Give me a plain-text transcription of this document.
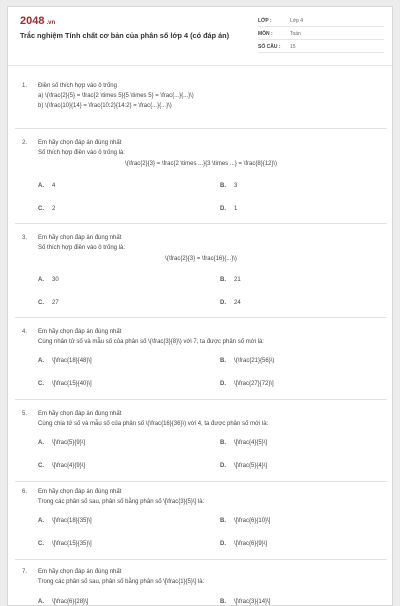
2048 .vn
Trắc nghiệm Tính chất cơ bản của phân số lớp 4 (có đáp án)
LỚP :	Lớp 4
MÔN :	Toán
SỐ CÂU :	15
1. Điền số thích hợp vào ô trống
a) \(\frac{2}{5} = \frac{2 \times 5}{5 \times 5} = \frac{...}{...}\)
b) \(\frac{10}{14} = \frac{10:2}{14:2} = \frac{...}{...}\)
2. Em hãy chọn đáp án đúng nhất
Số thích hợp điền vào ô trống là:
\(\frac{2}{3} = \frac{2 \times ...}{3 \times ...} = \frac{8}{12}\)
A. 4	B. 3
C. 2	D. 1
3. Em hãy chọn đáp án đúng nhất
Số thích hợp điền vào ô trống là:
\(\frac{2}{3} = \frac{16}{...}\)
A. 30	B. 21
C. 27	D. 24
4. Em hãy chọn đáp án đúng nhất
Cùng nhân tử số và mẫu số của phân số \(\frac{3}{8}\) với 7, ta được phân số mới là:
A. \[\frac{18}{48}\]	B. \(\frac{21}{56}\)
C. \[\frac{15}{40}\]	D. \[\frac{27}{72}\]
5. Em hãy chọn đáp án đúng nhất
Cùng chia tử số và mẫu số của phân số \(\frac{16}{36}\) với 4, ta được phân số mới là:
A. \[\frac{5}{9}\]	B. \[\frac{4}{5}\]
C. \[\frac{4}{9}\]	D. \[\frac{5}{4}\]
6. Em hãy chọn đáp án đúng nhất
Trong các phân số sau, phân số bằng phân số \[\frac{3}{5}\] là:
A. \[\frac{18}{35}\]	B. \[\frac{6}{10}\]
C. \[\frac{15}{35}\]	D. \[\frac{6}{9}\]
7. Em hãy chọn đáp án đúng nhất
Trong các phân số sau, phân số bằng phân số \[\frac{1}{5}\] là:
A. \[\frac{6}{28}\]	B. \[\frac{3}{14}\]
